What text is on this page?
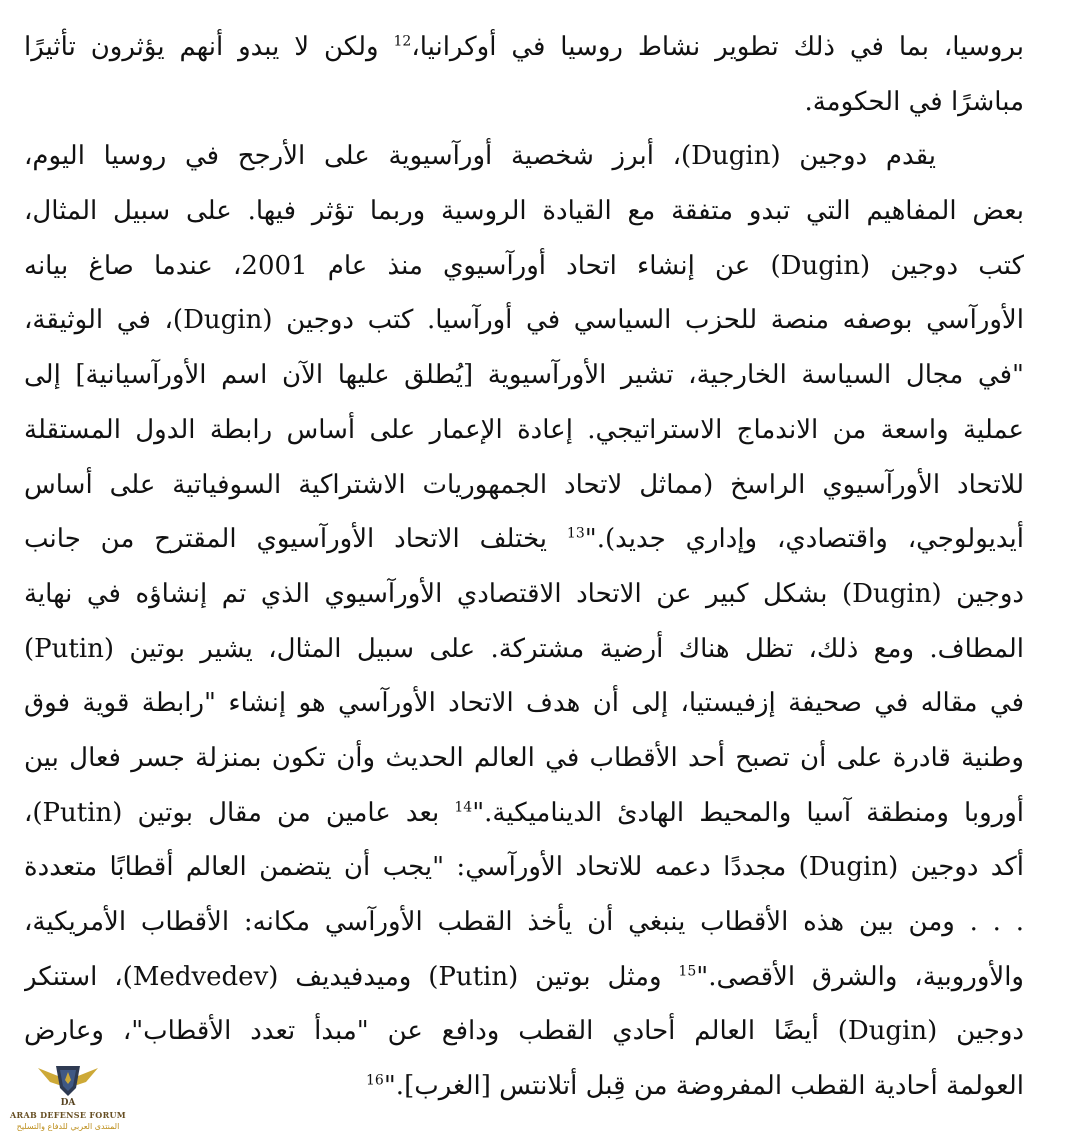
بروسيا، بما في ذلك تطوير نشاط روسيا في أوكرانيا،$^{12}$ ولكن لا يبدو أنهم يؤثرون تأثيرًا
مباشرًا في الحكومة.
يقدم دوجين (Dugin)، أبرز شخصية أورآسيوية على الأرجح في روسيا اليوم،
بعض المفاهيم التي تبدو متفقة مع القيادة الروسية وربما تؤثر فيها. على سبيل المثال،
كتب دوجين (Dugin) عن إنشاء اتحاد أورآسيوي منذ عام 2001، عندما صاغ بيانه
الأورآسي بوصفه منصة للحزب السياسي في أورآسيا. كتب دوجين (Dugin)، في الوثيقة،
"في مجال السياسة الخارجية، تشير الأورآسيوية [يُطلق عليها الآن اسم الأورآسيانية] إلى
عملية واسعة من الاندماج الاستراتيجي. إعادة الإعمار على أساس رابطة الدول المستقلة
للاتحاد الأورآسيوي الراسخ (مماثل لاتحاد الجمهوريات الاشتراكية السوفياتية على أساس
أيديولوجي، واقتصادي، وإداري جديد)."$^{13}$ يختلف الاتحاد الأورآسيوي المقترح من جانب
دوجين (Dugin) بشكل كبير عن الاتحاد الاقتصادي الأورآسيوي الذي تم إنشاؤه في نهاية
المطاف. ومع ذلك، تظل هناك أرضية مشتركة. على سبيل المثال، يشير بوتين (Putin)
في مقاله في صحيفة إزفيستيا، إلى أن هدف الاتحاد الأورآسي هو إنشاء "رابطة قوية فوق
وطنية قادرة على أن تصبح أحد الأقطاب في العالم الحديث وأن تكون بمنزلة جسر فعال بين
أوروبا ومنطقة آسيا والمحيط الهادئ الديناميكية."$^{14}$ بعد عامين من مقال بوتين (Putin)،
أكد دوجين (Dugin) مجددًا دعمه للاتحاد الأورآسي: "يجب أن يتضمن العالم أقطابًا متعددة
. . . ومن بين هذه الأقطاب ينبغي أن يأخذ القطب الأورآسي مكانه: الأقطاب الأمريكية،
والأوروبية، والشرق الأقصى."$^{15}$ ومثل بوتين (Putin) وميدفيديف (Medvedev)، استنكر
دوجين (Dugin) أيضًا العالم أحادي القطب ودافع عن "مبدأ تعدد الأقطاب"، وعارض
العولمة أحادية القطب المفروضة من قِبل أتلانتس [الغرب]."$^{16}$
DA
ARAB DEFENSE FORUM
المنتدى العربي للدفاع والتسليح
